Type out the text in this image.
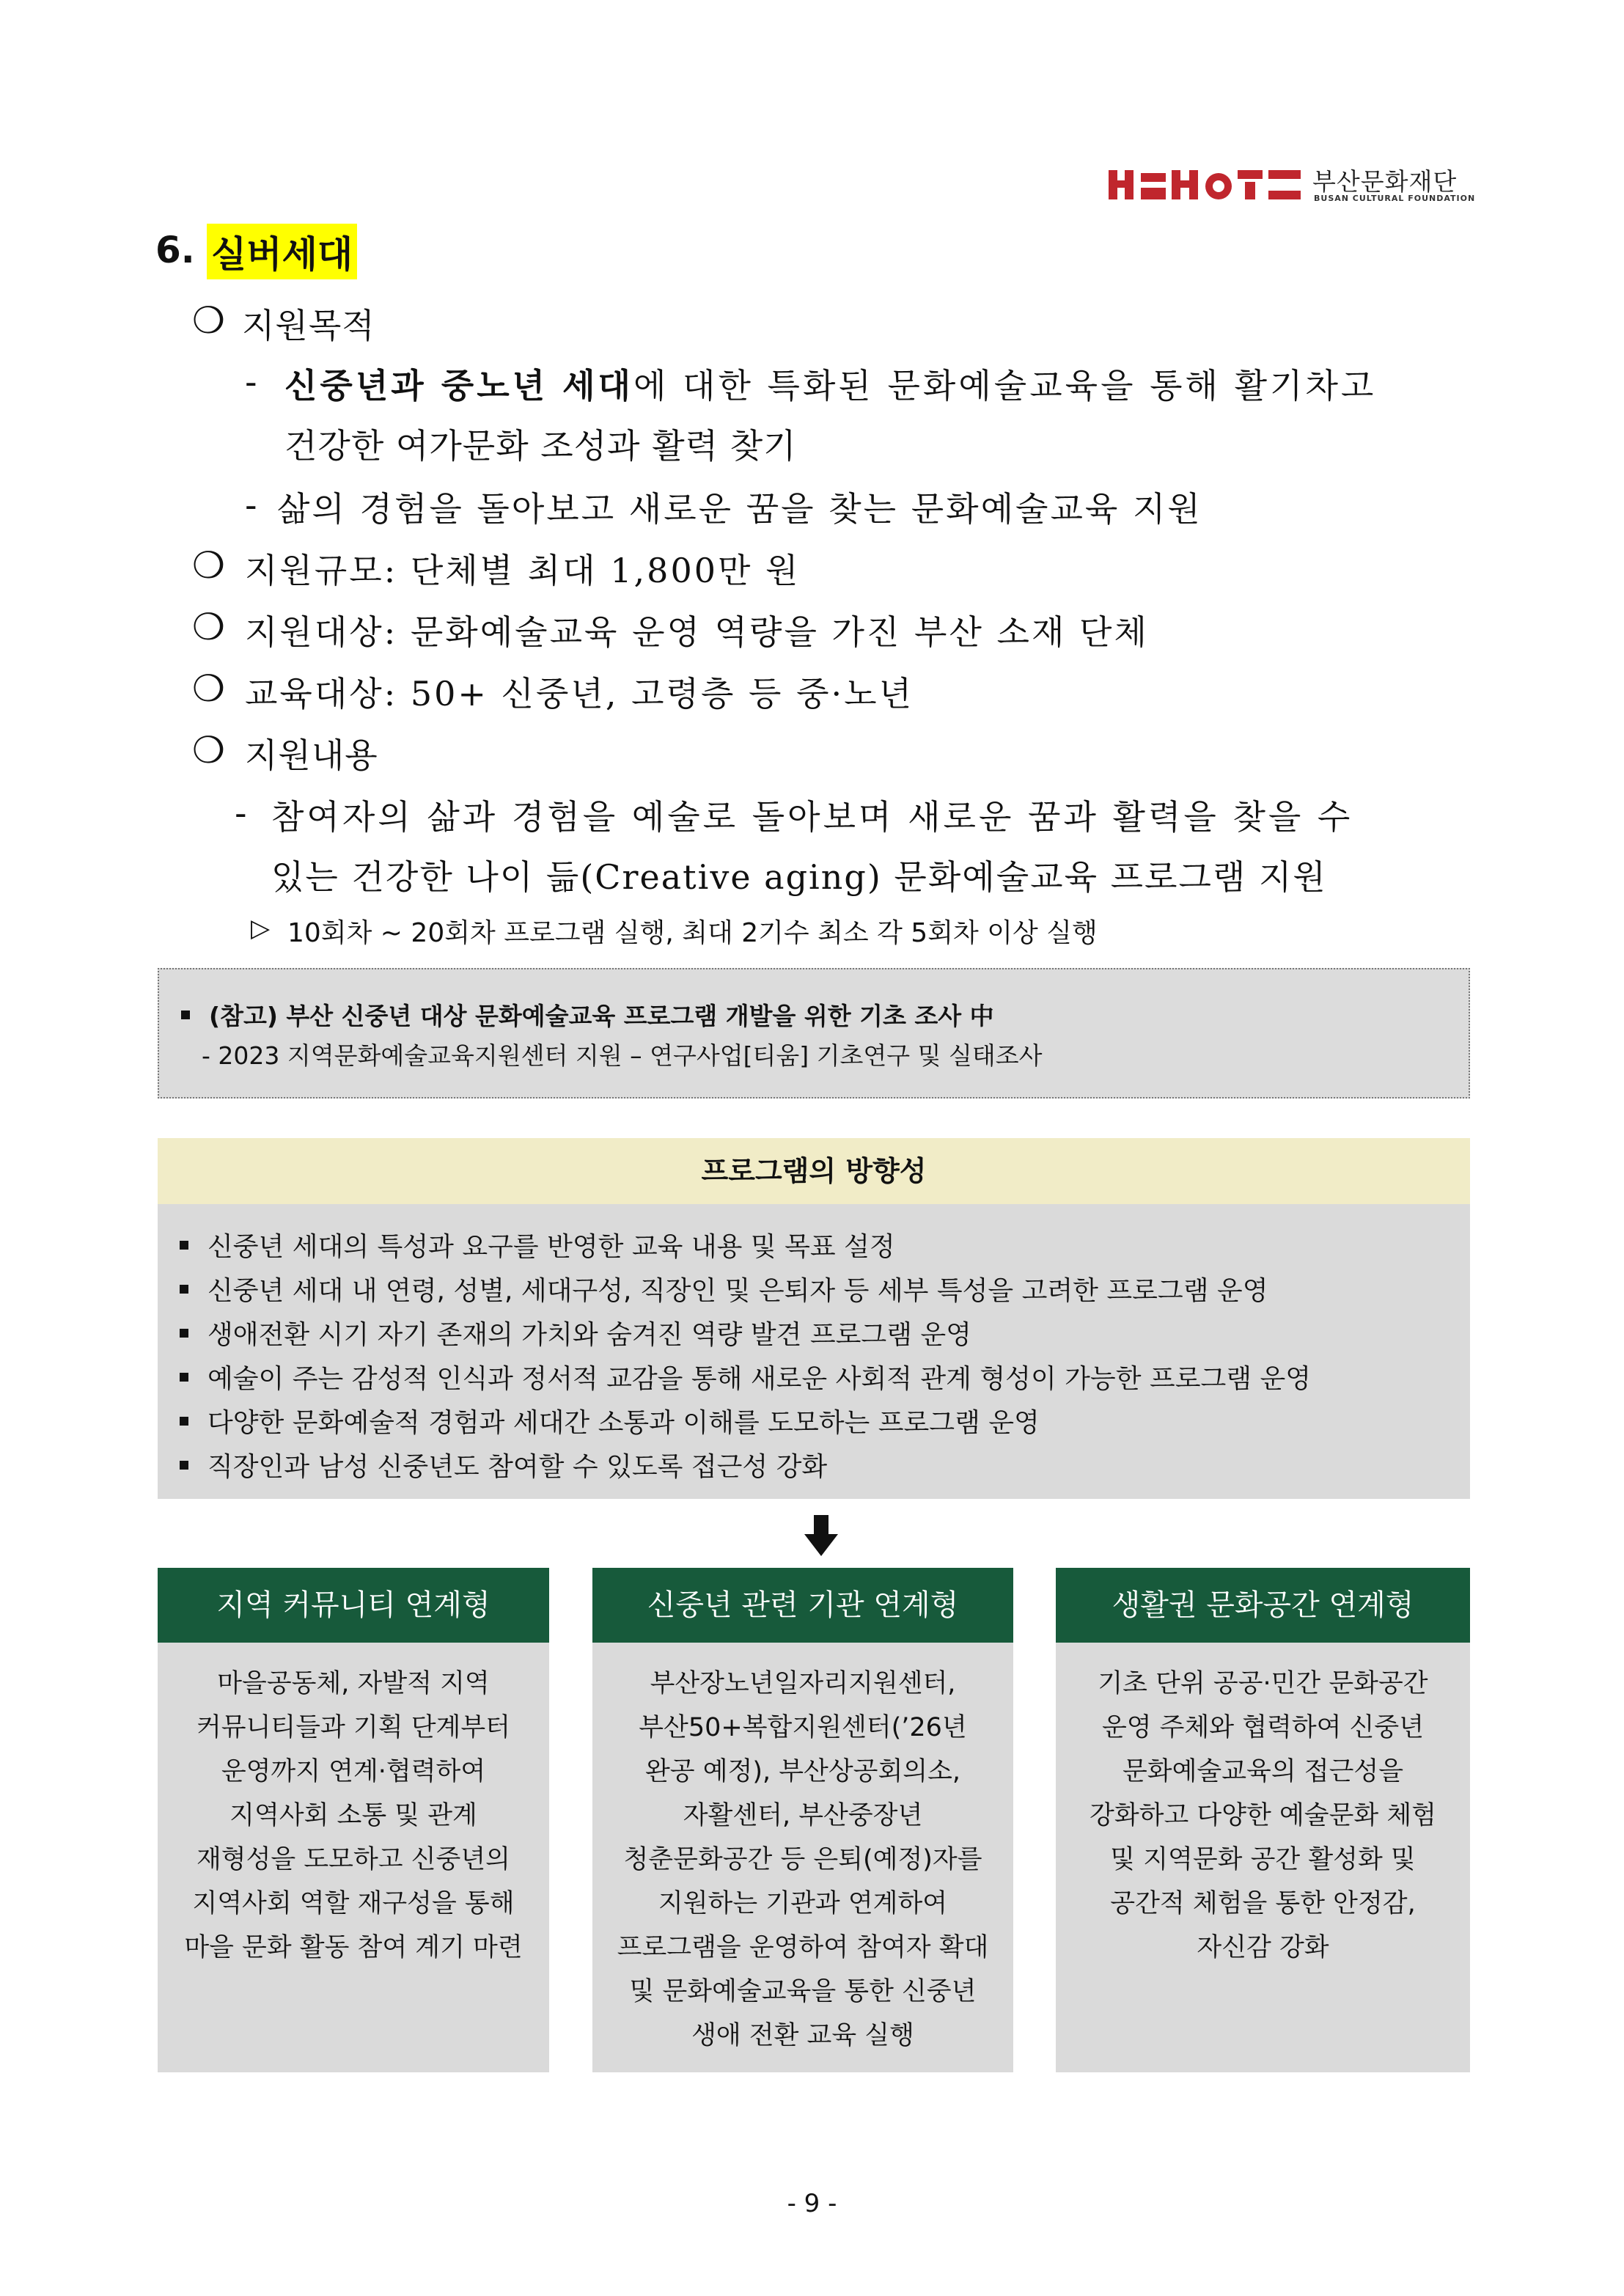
부산문화재단
BUSAN CULTURAL FOUNDATION
6. 실버세대
❍ 지원목적
- 신중년과 중노년 세대에 대한 특화된 문화예술교육을 통해 활기차고
건강한 여가문화 조성과 활력 찾기
- 삶의 경험을 돌아보고 새로운 꿈을 찾는 문화예술교육 지원
❍ 지원규모: 단체별 최대 1,800만 원
❍ 지원대상: 문화예술교육 운영 역량을 가진 부산 소재 단체
❍ 교육대상: 50+ 신중년, 고령층 등 중·노년
❍ 지원내용
- 참여자의 삶과 경험을 예술로 돌아보며 새로운 꿈과 활력을 찾을 수
있는 건강한 나이 듦(Creative aging) 문화예술교육 프로그램 지원
▷ 10회차 ~ 20회차 프로그램 실행, 최대 2기수 최소 각 5회차 이상 실행
(참고) 부산 신중년 대상 문화예술교육 프로그램 개발을 위한 기초 조사 中
- 2023 지역문화예술교육지원센터 지원 – 연구사업[티움] 기초연구 및 실태조사
프로그램의 방향성
신중년 세대의 특성과 요구를 반영한 교육 내용 및 목표 설정
신중년 세대 내 연령, 성별, 세대구성, 직장인 및 은퇴자 등 세부 특성을 고려한 프로그램 운영
생애전환 시기 자기 존재의 가치와 숨겨진 역량 발견 프로그램 운영
예술이 주는 감성적 인식과 정서적 교감을 통해 새로운 사회적 관계 형성이 가능한 프로그램 운영
다양한 문화예술적 경험과 세대간 소통과 이해를 도모하는 프로그램 운영
직장인과 남성 신중년도 참여할 수 있도록 접근성 강화
지역 커뮤니티 연계형
마을공동체, 자발적 지역
커뮤니티들과 기획 단계부터
운영까지 연계·협력하여
지역사회 소통 및 관계
재형성을 도모하고 신중년의
지역사회 역할 재구성을 통해
마을 문화 활동 참여 계기 마련
신중년 관련 기관 연계형
부산장노년일자리지원센터,
부산50+복합지원센터(’26년
완공 예정), 부산상공회의소,
자활센터, 부산중장년
청춘문화공간 등 은퇴(예정)자를
지원하는 기관과 연계하여
프로그램을 운영하여 참여자 확대
및 문화예술교육을 통한 신중년
생애 전환 교육 실행
생활권 문화공간 연계형
기초 단위 공공·민간 문화공간
운영 주체와 협력하여 신중년
문화예술교육의 접근성을
강화하고 다양한 예술문화 체험
및 지역문화 공간 활성화 및
공간적 체험을 통한 안정감,
자신감 강화
- 9 -
